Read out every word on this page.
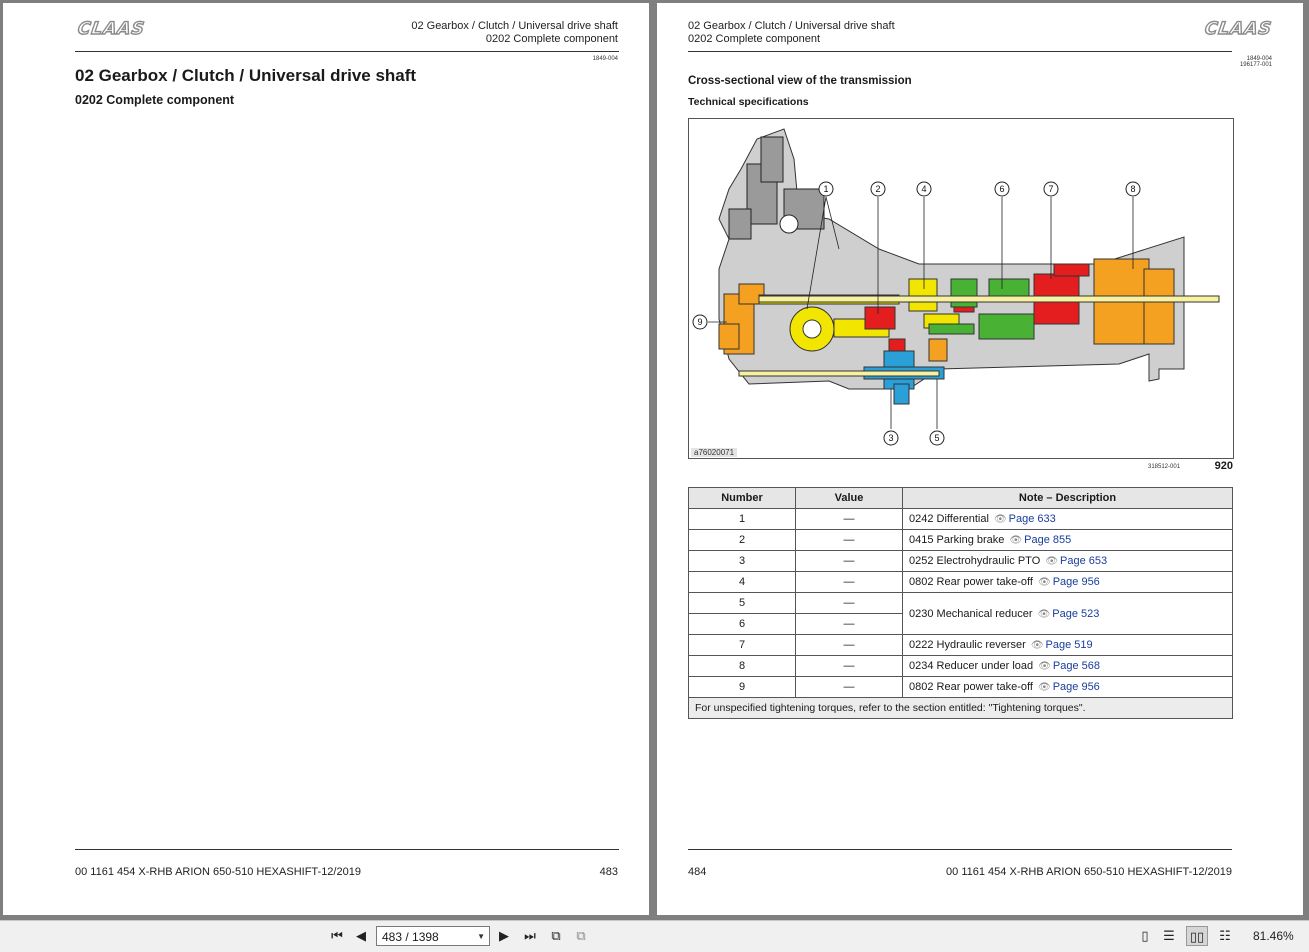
CLAAS	02 Gearbox / Clutch / Universal drive shaft
0202 Complete component
1849-004
02 Gearbox / Clutch / Universal drive shaft
0202 Complete component
00 1161 454 X-RHB ARION 650-510 HEXASHIFT-12/2019	483
02 Gearbox / Clutch / Universal drive shaft
0202 Complete component	CLAAS
1849-004
196177-001
Cross-sectional view of the transmission
Technical specifications
1	2	4	6	7	8
9
3	5
a76020071
318512-001	920
Number	Value	Note – Description
1	—	0242 Differential 👁 Page 633
2	—	0415 Parking brake 👁 Page 855
3	—	0252 Electrohydraulic PTO 👁 Page 653
4	—	0802 Rear power take-off 👁 Page 956
5	—	0230 Mechanical reducer 👁 Page 523
6	—	
7	—	0222 Hydraulic reverser 👁 Page 519
8	—	0234 Reducer under load 👁 Page 568
9	—	0802 Rear power take-off 👁 Page 956
For unspecified tightening torques, refer to the section entitled: "Tightening torques".		
484	00 1161 454 X-RHB ARION 650-510 HEXASHIFT-12/2019
⏮ ◀	483 / 1398	▼ ▶ ⏭	⧉	⧉	▯	☰ ▯▯	☷	81.46%
